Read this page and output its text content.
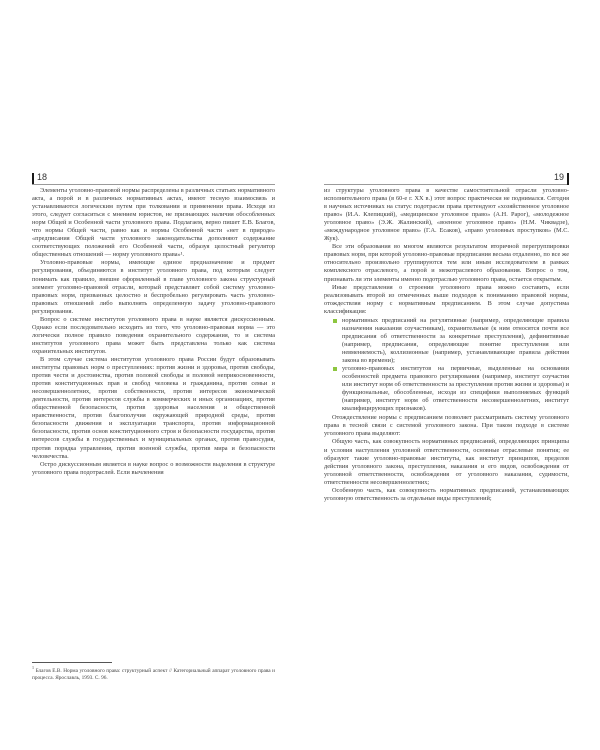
18

Элементы уголовно-правовой нормы распределены в различных статьях нормативного акта, а порой и в различных нормативных актах, имеют тесную взаимосвязь и устанавливаются логическим путем при толковании и применении права. Исходя из этого, следует согласиться с мнением юристов, не признающих наличия обособленных норм Общей и Особенной части уголовного права. Подлагаем, верно пишет Е.В. Благов, что нормы Общей части, равно как и нормы Особенной части «нет в природе» «предписания Общей части уголовного законодательства дополняют содержание соответствующих положений его Особенной части, образуя целостный регулятор общественных отношений — норму уголовного права»¹.

Уголовно-правовые нормы, имеющие единое предназначение и предмет регулирования, объединяются в институт уголовного права, под которым следует понимать как правило, внешне оформленный в главе уголовного закона структурный элемент уголовно-правовой отрасли, который представляет собой систему уголовно-правовых норм, призванных целостно и беспробельно регулировать часть уголовно-правовых отношений либо выполнять определенную задачу уголовно-правового регулирования.

Вопрос о системе институтов уголовного права в науке является дискуссионным. Однако если последовательно исходить из того, что уголовно-правовая норма — это логически полное правило поведения охранительного содержания, то и система институтов уголовного права может быть представлена только как система охранительных институтов.

В этом случае система институтов уголовного права России будут образовывать институты правовых норм о преступлениях: против жизни и здоровья, против свободы, против чести и достоинства, против половой свободы и половой неприкосновенности, против конституционных прав и свобод человека и гражданина, против семьи и несовершеннолетних, против собственности, против интересов экономической деятельности, против интересов службы в коммерческих и иных организациях, против общественной безопасности, против здоровья населения и общественной нравственности, против благополучия окружающей природной среды, против безопасности движения и эксплуатации транспорта, против информационной безопасности, против основ конституционного строя и безопасности государства, против интересов службы в государственных и муниципальных органах, против правосудия, против порядка управления, против военной службы, против мира и безопасности человечества.

Остро дискуссионным является в науке вопрос о возможности выделения в структуре уголовного права подотраслей. Если вычленения

$^1$ Благов Е.В. Норма уголовного права: структурный аспект // Категориальный аппарат уголовного права и процесса. Ярославль, 1993. С. 96.
19

из структуры уголовного права в качестве самостоятельной отрасли уголовно-исполнительного права (в 60-е г. XX в.) этот вопрос практически не поднимался. Сегодня в научных источниках на статус подотрасли права претендуют «хозяйственное уголовное право» (И.А. Клепицкий), «медицинское уголовное право» (А.Н. Рарог), «молодежное уголовное право» (Э.Ж. Жалинский), «военное уголовное право» (Н.М. Чиквадзе), «международное уголовное право» (Г.А. Есаков), «право уголовных проступков» (М.С. Жук).

Все эти образования во многом являются результатом вторичной перегруппировки правовых норм, при которой уголовно-правовые предписания весьма отдаленно, по все же относительно произвольно группируются тем или иным исследователем в рамках комплексного отраслевого, а порой и межотраслевого образования. Вопрос о том, признавать ли эти элементы именно подотраслью уголовного права, остается открытым.

Иные представления о строении уголовного права можно составить, если реализовывать второй из отмеченных выше подходов к пониманию правовой нормы, отождествляя норму с нормативным предписанием. В этом случае допустима классификация:

нормативных предписаний на регулятивные (например, определяющие правила назначения наказания соучастникам), охранительные (к ним относятся почти все предписания об ответственности за конкретные преступления), дефинитивные (например, предписания, определяющие понятие преступления или невменяемость), коллизионные (например, устанавливающие правила действия закона во времени);
уголовно-правовых институтов на первичные, выделенные на основании особенностей предмета правового регулирования (например, институт соучастия или институт норм об ответственности за преступления против жизни и здоровья) и функциональные, обособленные, исходя из специфики выполняемых функций (например, институт норм об ответственности несовершеннолетних, институт квалифицирующих признаков).

Отождествление нормы с предписанием позволяет рассматривать систему уголовного права в тесной связи с системой уголовного закона. При таком подходе в системе уголовного права выделяют:

Общую часть, как совокупность нормативных предписаний, определяющих принципы и условия наступления уголовной ответственности, основные отраслевые понятия; ее образуют такие уголовно-правовые институты, как институт принципов, пределов действия уголовного закона, преступления, наказания и его видов, освобождения от уголовной ответственности, освобождения от уголовного наказания, судимости, ответственности несовершеннолетних;

Особенную часть, как совокупность нормативных предписаний, устанавливающих уголовную ответственность за отдельные виды преступлений;
